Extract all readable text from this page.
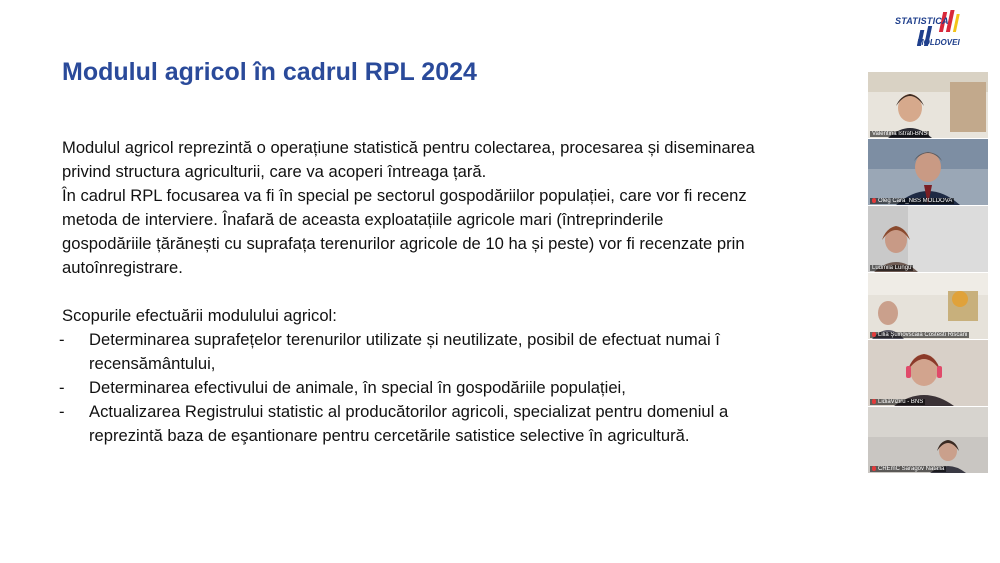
STATISTICA
MOLDOVEI
Modulul agricol în cadrul RPL 2024

Modulul agricol reprezintă o operațiune statistică pentru colectarea, procesarea și diseminarea

privind structura agriculturii, care va acoperi întreaga țară.

În cadrul RPL focusarea va fi în special pe sectorul gospodăriilor populației, care vor fi recenz

metoda de interviere. Înafară de aceasta exploatațiile agricole mari (întreprinderile

gospodăriile țărănești cu suprafața terenurilor agricole de 10 ha și peste) vor fi recenzate prin

autoînregistrare.

Scopurile efectuării modulului agricol:

- Determinarea suprafețelor terenurilor utilizate și neutilizate, posibil de efectuat numai î

recensământului,

- Determinarea efectivului de animale, în special în gospodăriile populației,

- Actualizarea Registrului statistic al producătorilor agricoli, specializat pentru domeniul a

reprezintă baza de eşantionare pentru cercetările satistice selective în agricultură.

Valentina Istrati-BNS
Oleg Cara_NBS MOLDOVA
Ludmila Lungu
Lilia Şuinovscaia Costesti Riscani
LidiaViziru - BNS
CREmC Saragov Natalia
